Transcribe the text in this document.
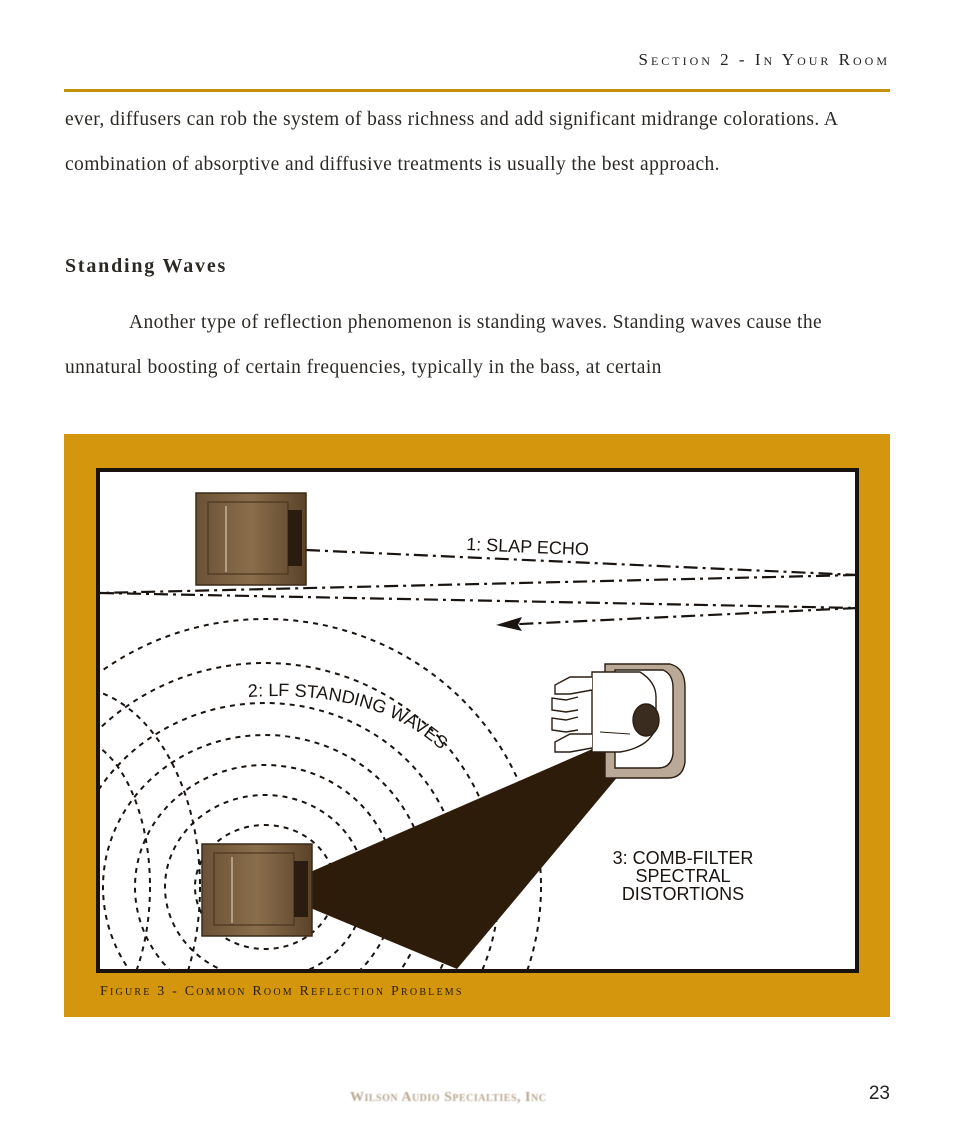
Section 2 - In Your Room
ever, diffusers can rob the system of bass richness and add significant midrange colorations. A combination of absorptive and diffusive treatments is usually the best approach.
Standing Waves
Another type of reflection phenomenon is standing waves. Standing waves cause the unnatural boosting of certain frequencies, typically in the bass, at certain
1: SLAP ECHO
2: LF STANDING WAVES
3: COMB-FILTER
SPECTRAL
DISTORTIONS
Figure 3 - Common Room Reflection Problems
Wilson Audio Specialties, Inc	23
